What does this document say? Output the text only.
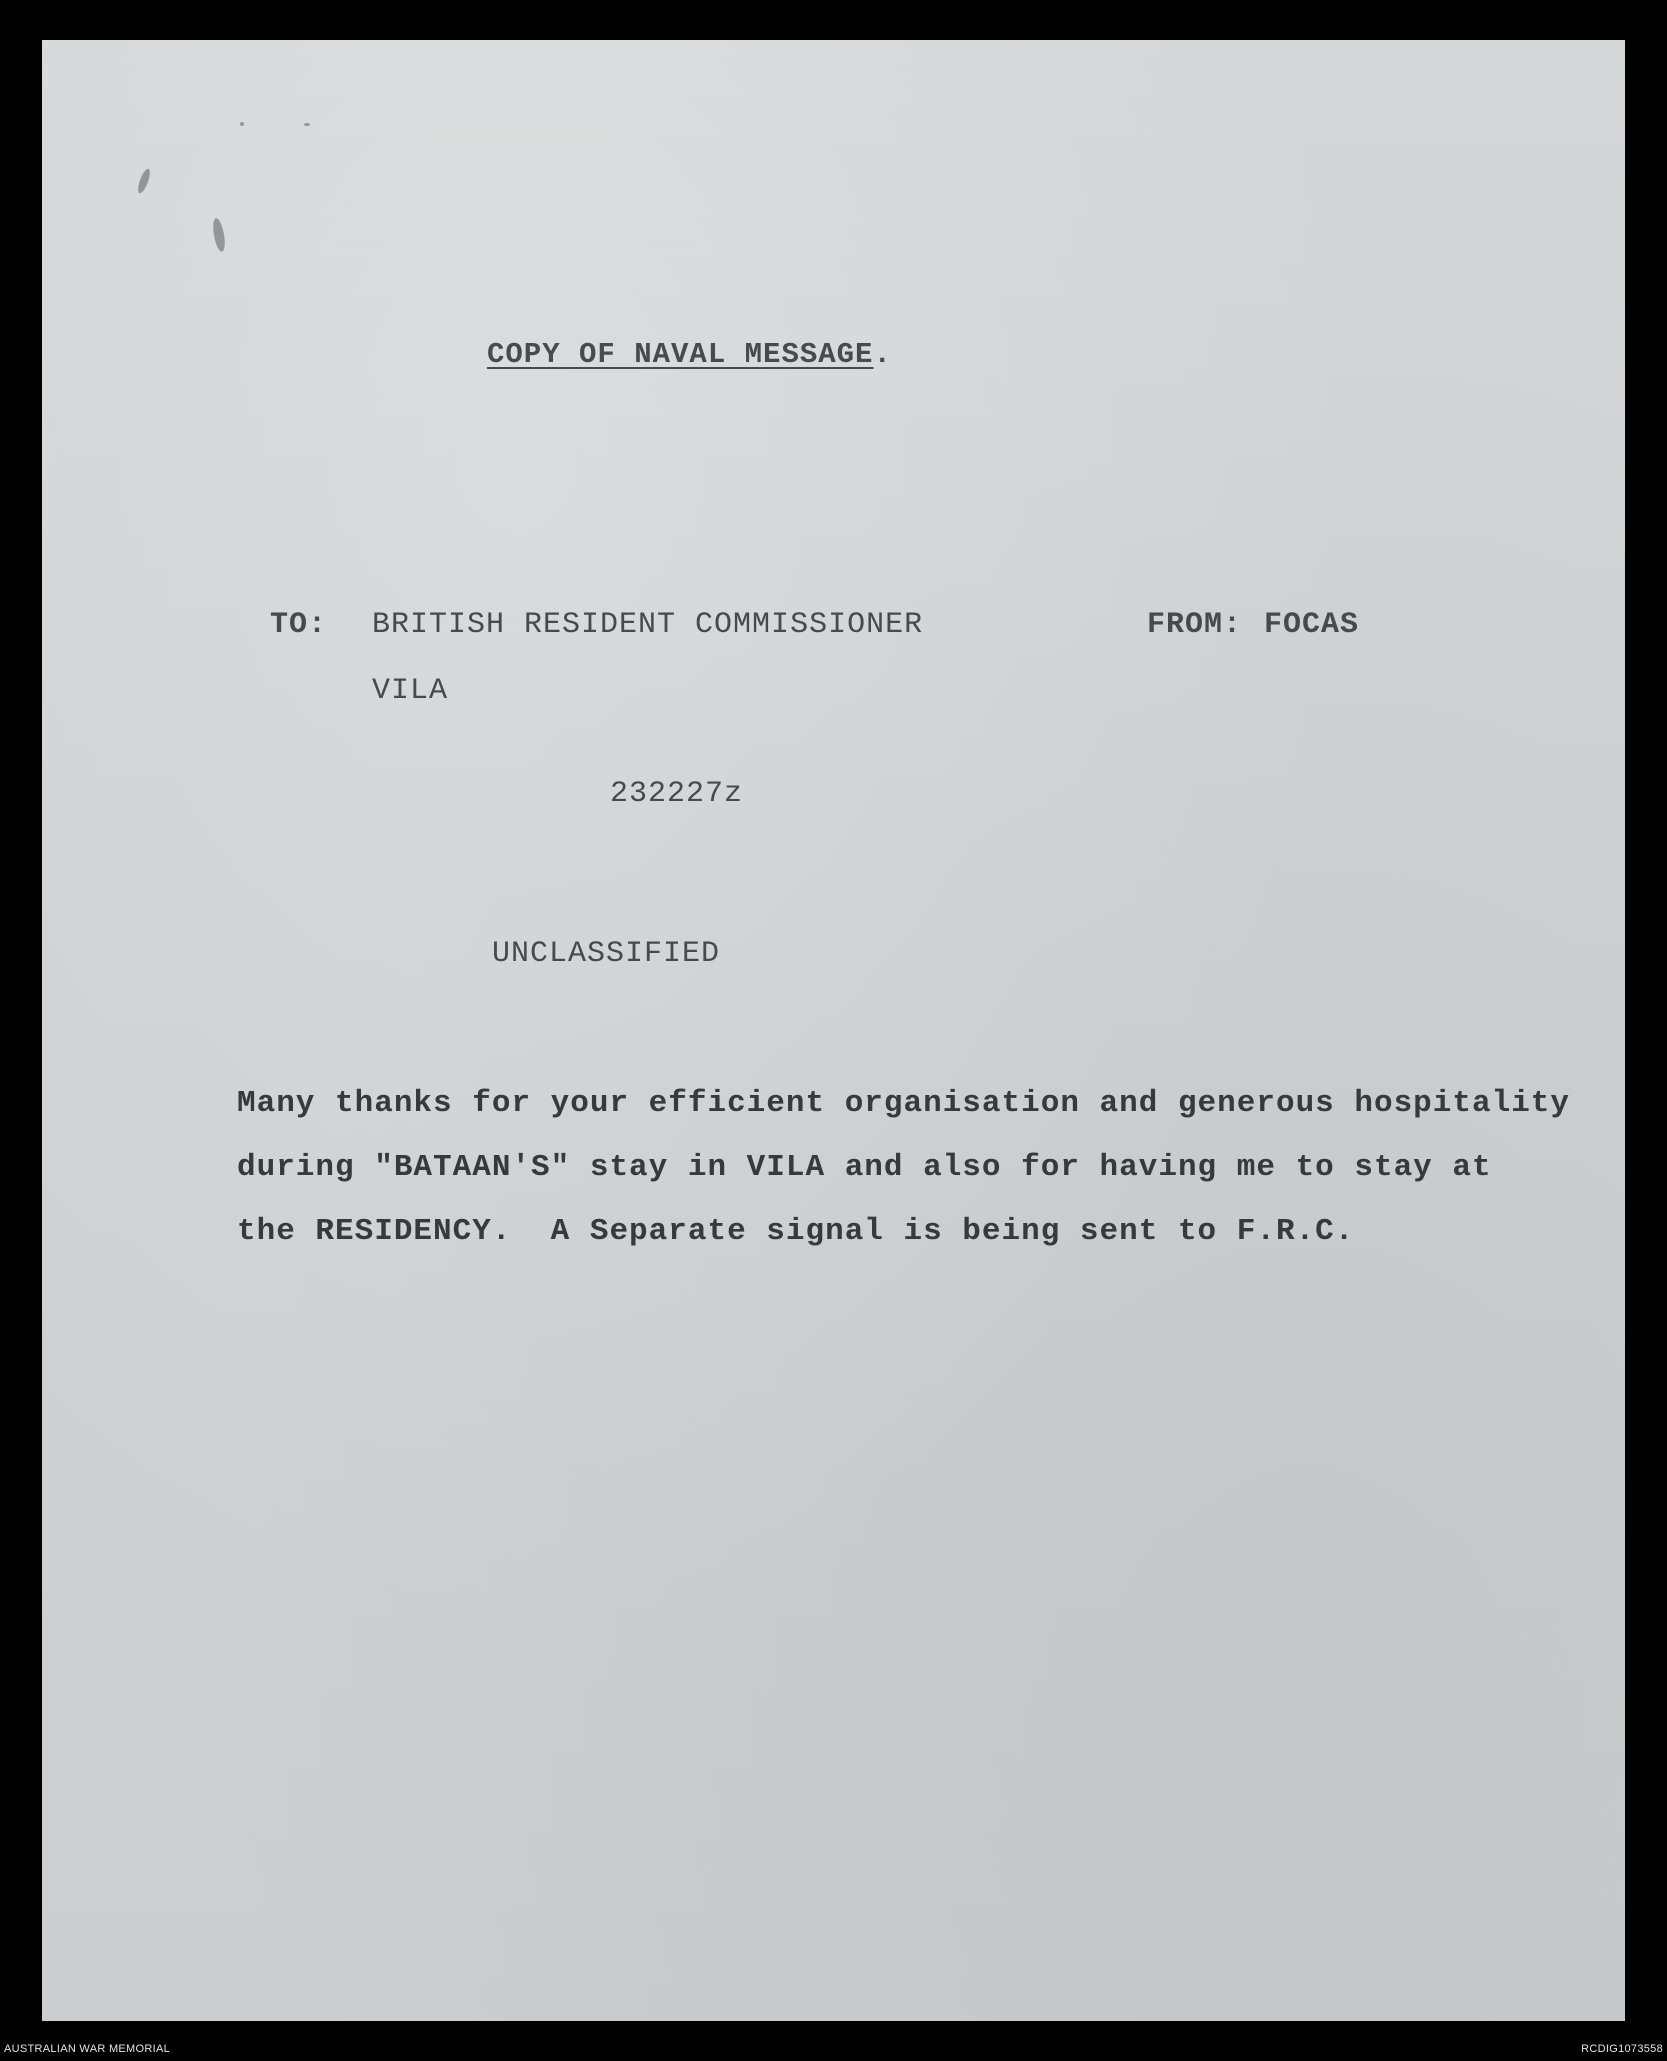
COPY OF NAVAL MESSAGE.
TO: BRITISH RESIDENT COMMISSIONER	FROM: FOCAS
VILA
232227z
UNCLASSIFIED
Many thanks for your efficient organisation and generous hospitality
during "BATAAN'S" stay in VILA and also for having me to stay at
the RESIDENCY.  A Separate signal is being sent to F.R.C.
AUSTRALIAN WAR MEMORIAL	RCDIG1073558
